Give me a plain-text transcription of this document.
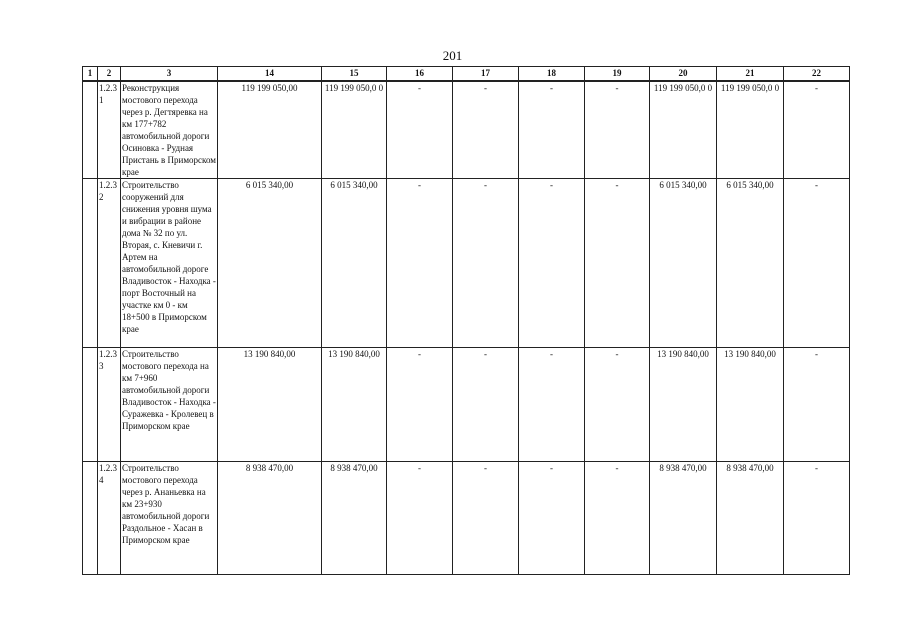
201
1	2	3	14	15	16	17	18	19	20	21	22
	1.2.3 1	Реконструкция мостового перехода через р. Дегтяревка на км 177+782 автомобильной дороги Осиновка - Рудная Пристань в Приморском крае	119 199 050,00	119 199 050,0 0	-	-	-	-	119 199 050,0 0	119 199 050,0 0	-
	1.2.3 2	Строительство сооружений для снижения уровня шума и вибрации в районе дома № 32 по ул. Вторая, с. Кневичи г. Артем на автомобильной дороге Владивосток - Находка - порт Восточный на участке км 0 - км 18+500 в Приморском крае	6 015 340,00	6 015 340,00	-	-	-	-	6 015 340,00	6 015 340,00	-
	1.2.3 3	Строительство мостового перехода на км 7+960 автомобильной дороги Владивосток - Находка - Суражевка - Кролевец в Приморском крае	13 190 840,00	13 190 840,00	-	-	-	-	13 190 840,00	13 190 840,00	-
	1.2.3 4	Строительство мостового перехода через р. Ананьевка на км 23+930 автомобильной дороги Раздольное - Хасан в Приморском крае	8 938 470,00	8 938 470,00	-	-	-	-	8 938 470,00	8 938 470,00	-
